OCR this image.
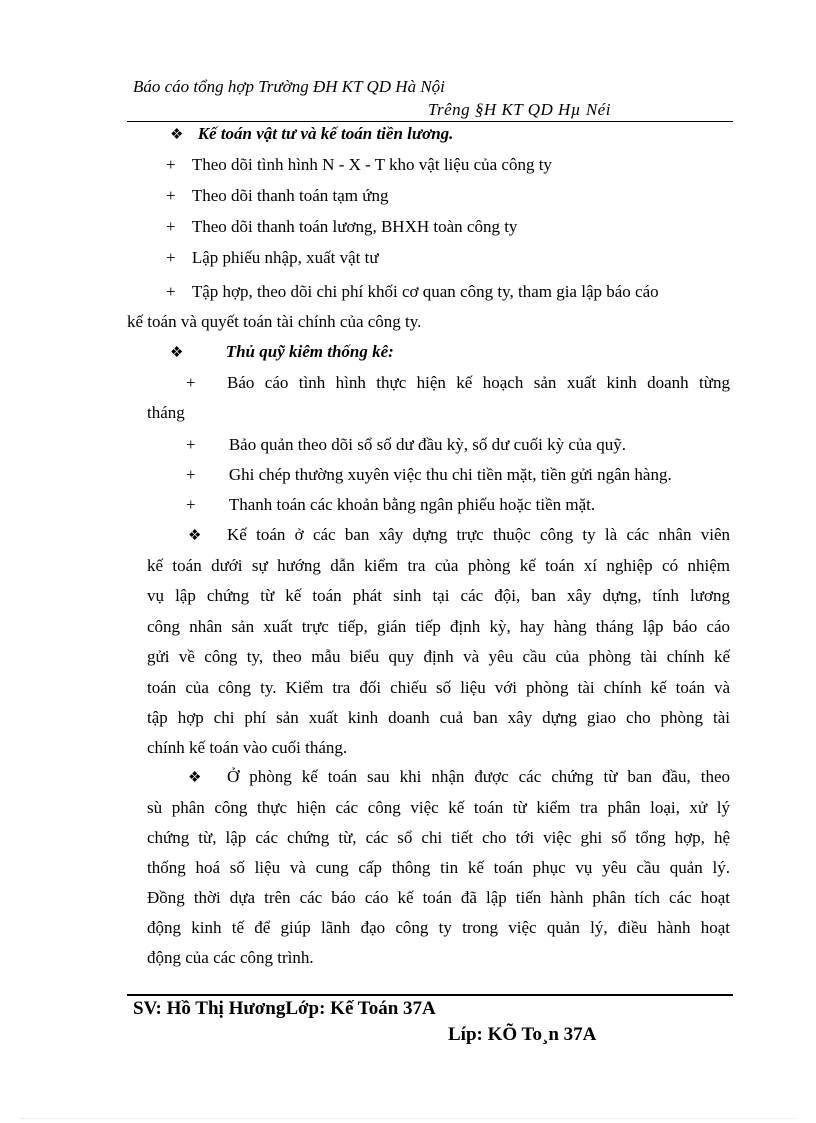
Báo cáo tổng hợp Trường ĐH KT QD Hà Nội
Trêng §H KT QD Hµ Néi
❖ Kế toán vật tư và kế toán tiền lương.
+ Theo dõi tình hình N - X - T kho vật liệu của công ty
+ Theo dõi thanh toán tạm ứng
+ Theo dõi thanh toán lương, BHXH toàn công ty
+ Lập phiếu nhập, xuất vật tư
+ Tập hợp, theo dõi chi phí khối cơ quan công ty, tham gia lập báo cáo
kế toán và quyết toán tài chính của công ty.
❖ Thủ quỹ kiêm thống kê:
+ Báo cáo tình hình thực hiện kế hoạch sản xuất kinh doanh từng
tháng
+ Bảo quản theo dõi sổ số dư đầu kỳ, số dư cuối kỳ của quỹ.
+ Ghi chép thường xuyên việc thu chi tiền mặt, tiền gửi ngân hàng.
+ Thanh toán các khoản bằng ngân phiếu hoặc tiền mặt.
❖ Kế toán ở các ban xây dựng trực thuộc công ty là các nhân viên
kế toán dưới sự hướng dẫn kiểm tra của phòng kế toán xí nghiệp có nhiệm
vụ lập chứng từ kế toán phát sinh tại các đội, ban xây dựng, tính lương
công nhân sản xuất trực tiếp, gián tiếp định kỳ, hay hàng tháng lập báo cáo
gửi về công ty, theo mẫu biểu quy định và yêu cầu của phòng tài chính kế
toán của công ty. Kiểm tra đối chiếu số liệu với phòng tài chính kế toán và
tập hợp chi phí sản xuất kinh doanh cuả ban xây dựng giao cho phòng tài
chính kế toán vào cuối tháng.
❖ Ở phòng kế toán sau khi nhận được các chứng từ ban đầu, theo
sù phân công thực hiện các công việc kế toán từ kiểm tra phân loại, xử lý
chứng từ, lập các chứng từ, các sổ chi tiết cho tới việc ghi sổ tổng hợp, hệ
thống hoá số liệu và cung cấp thông tin kế toán phục vụ yêu cầu quản lý.
Đồng thời dựa trên các báo cáo kế toán đã lập tiến hành phân tích các hoạt
động kinh tế để giúp lãnh đạo công ty trong việc quản lý, điều hành hoạt
động của các công trình.
SV: Hồ Thị HươngLớp: Kế Toán 37A
Líp: KÕ To¸n 37A
